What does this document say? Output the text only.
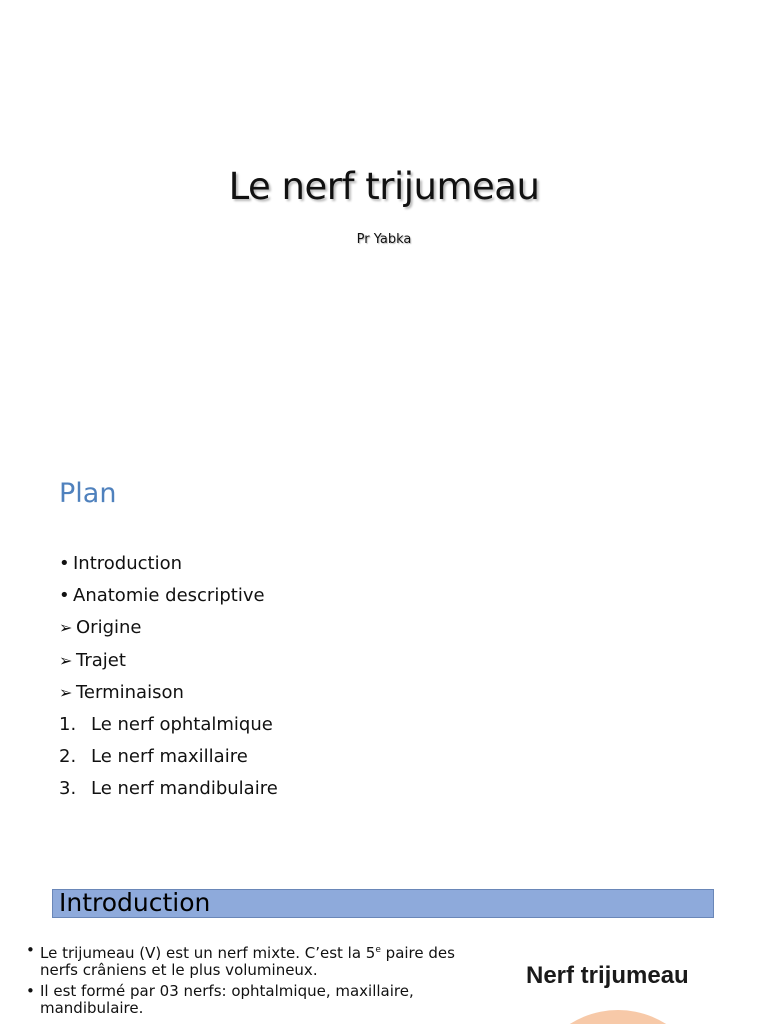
Le nerf trijumeau

Pr Yabka

Plan
• Introduction
• Anatomie descriptive
➢ Origine
➢ Trajet
➢ Terminaison
1. Le nerf ophtalmique
2. Le nerf maxillaire
3. Le nerf mandibulaire
Introduction
• Le trijumeau (V) est un nerf mixte. C’est la 5e paire des nerfs crâniens et le plus volumineux.
• Il est formé par 03 nerfs: ophtalmique, maxillaire, mandibulaire.
Nerf trijumeau
